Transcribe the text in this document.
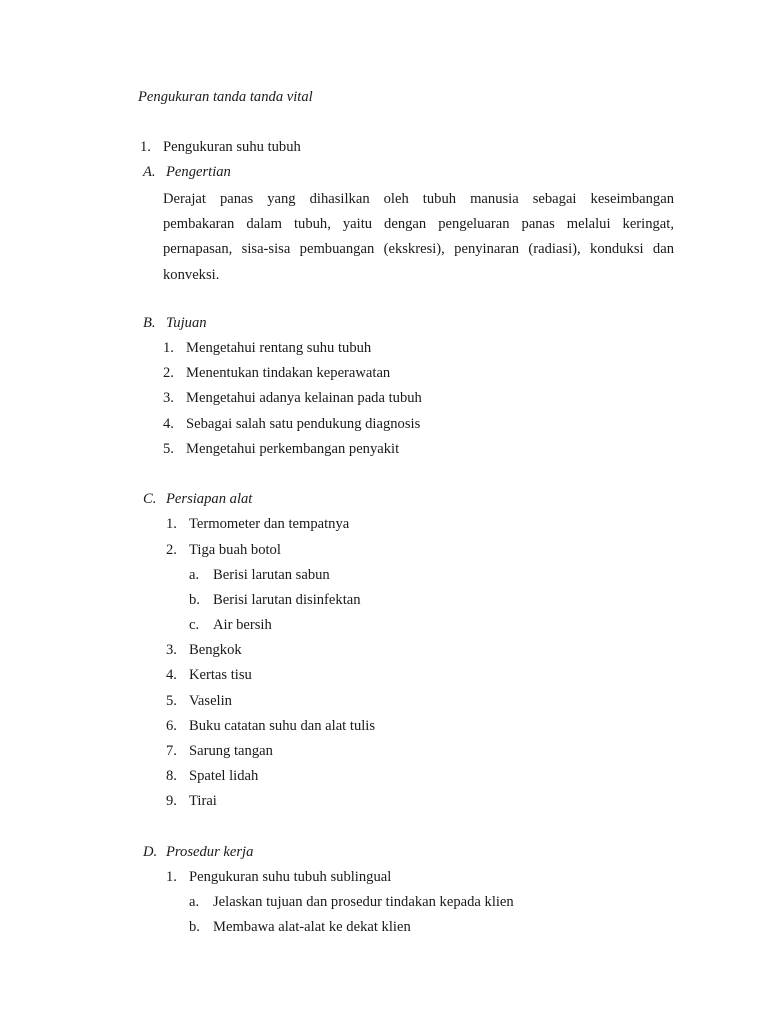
Pengukuran tanda tanda vital
1. Pengukuran suhu tubuh
A. Pengertian
Derajat panas yang dihasilkan oleh tubuh manusia sebagai keseimbangan
pembakaran dalam tubuh, yaitu dengan pengeluaran panas melalui keringat,
pernapasan, sisa-sisa pembuangan (ekskresi), penyinaran (radiasi), konduksi dan
konveksi.
B. Tujuan
1. Mengetahui rentang suhu tubuh
2. Menentukan tindakan keperawatan
3. Mengetahui adanya kelainan pada tubuh
4. Sebagai salah satu pendukung diagnosis
5. Mengetahui perkembangan penyakit
C. Persiapan alat
1. Termometer dan tempatnya
2. Tiga buah botol
a. Berisi larutan sabun
b. Berisi larutan disinfektan
c. Air bersih
3. Bengkok
4. Kertas tisu
5. Vaselin
6. Buku catatan suhu dan alat tulis
7. Sarung tangan
8. Spatel lidah
9. Tirai
D. Prosedur kerja
1. Pengukuran suhu tubuh sublingual
a. Jelaskan tujuan dan prosedur tindakan kepada klien
b. Membawa alat-alat ke dekat klien
